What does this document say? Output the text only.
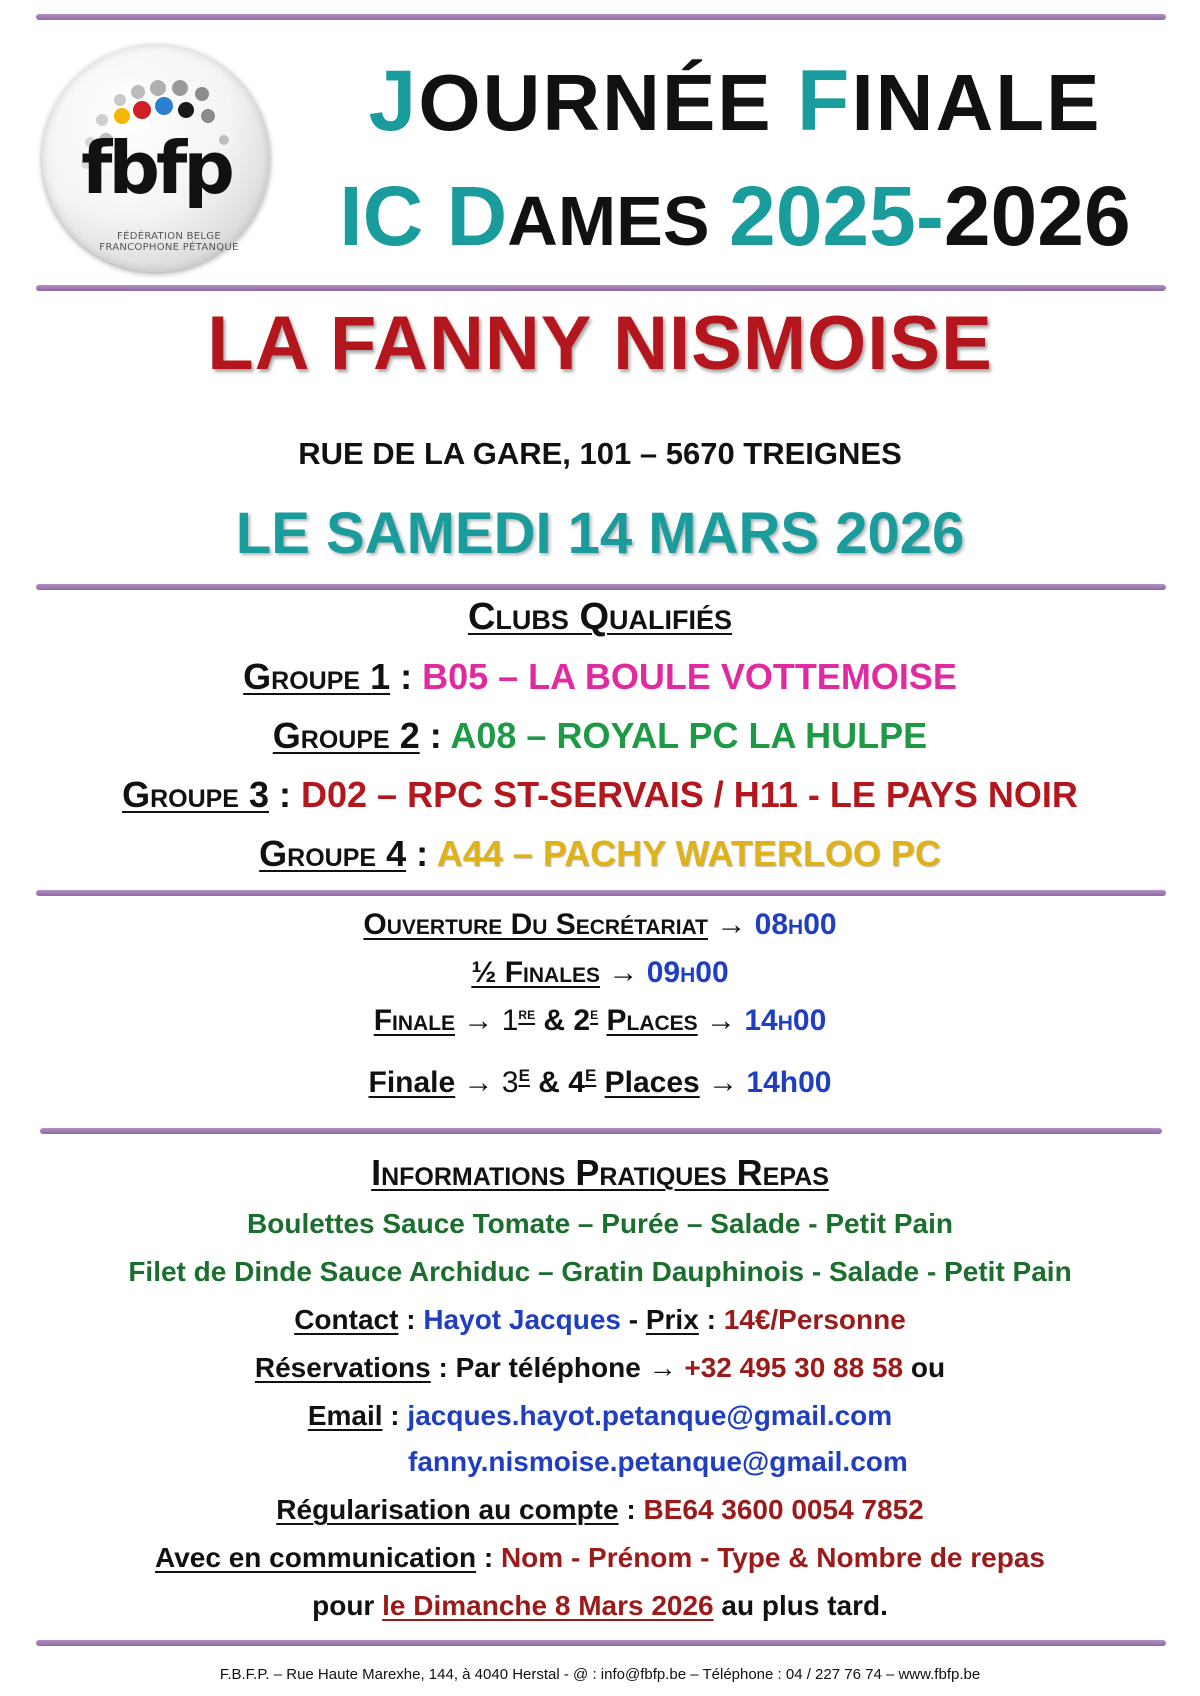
fbfp
FÉDÉRATION BELGE
FRANCOPHONE PÉTANQUE
JOURNÉE FINALE
IC DAMES 2025-2026
LA FANNY NISMOISE
RUE DE LA GARE, 101 – 5670 TREIGNES
LE SAMEDI 14 MARS 2026
Clubs Qualifiés
Groupe 1 : B05 – LA BOULE VOTTEMOISE
Groupe 2 : A08 – ROYAL PC LA HULPE
Groupe 3 : D02 – RPC ST-SERVAIS / H11 - LE PAYS NOIR
Groupe 4 : A44 – PACHY WATERLOO PC
Ouverture Du Secrétariat → 08h00
½ Finales → 09h00
Finale → 1re & 2e Places → 14h00
Finale → $3^E$ & $4^E$ Places → 14h00
Informations Pratiques Repas
Boulettes Sauce Tomate – Purée – Salade - Petit Pain
Filet de Dinde Sauce Archiduc – Gratin Dauphinois - Salade - Petit Pain
Contact : Hayot Jacques - Prix : 14€/Personne
Réservations : Par téléphone → +32 495 30 88 58 ou
Email : jacques.hayot.petanque@gmail.com
fanny.nismoise.petanque@gmail.com
Régularisation au compte : BE64 3600 0054 7852
Avec en communication : Nom - Prénom - Type & Nombre de repas
pour le Dimanche 8 Mars 2026 au plus tard.
F.B.F.P. – Rue Haute Marexhe, 144, à 4040 Herstal - @ : info@fbfp.be – Téléphone : 04 / 227 76 74 – www.fbfp.be
